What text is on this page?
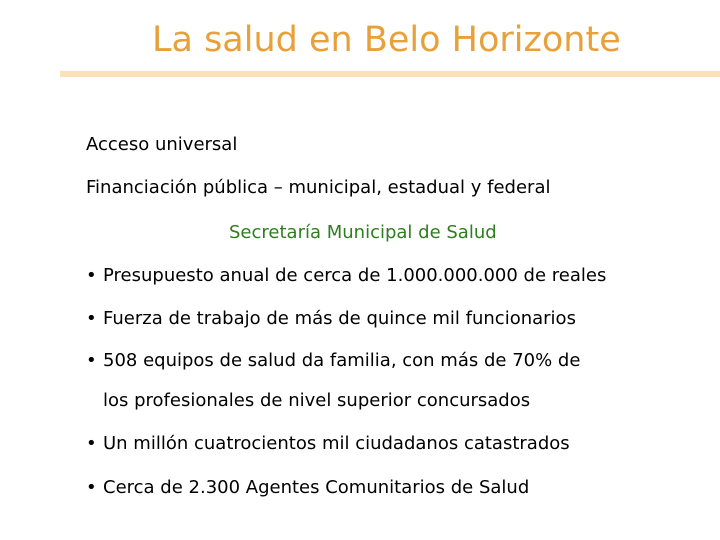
La salud en Belo Horizonte
Acceso universal
Financiación pública – municipal, estadual y federal
Secretaría Municipal de Salud
• Presupuesto anual de cerca de 1.000.000.000 de reales
• Fuerza de trabajo de más de quince mil funcionarios
• 508 equipos de salud da familia, con más de 70% de
los profesionales de nivel superior concursados
• Un millón cuatrocientos mil ciudadanos catastrados
• Cerca de 2.300 Agentes Comunitarios de Salud
